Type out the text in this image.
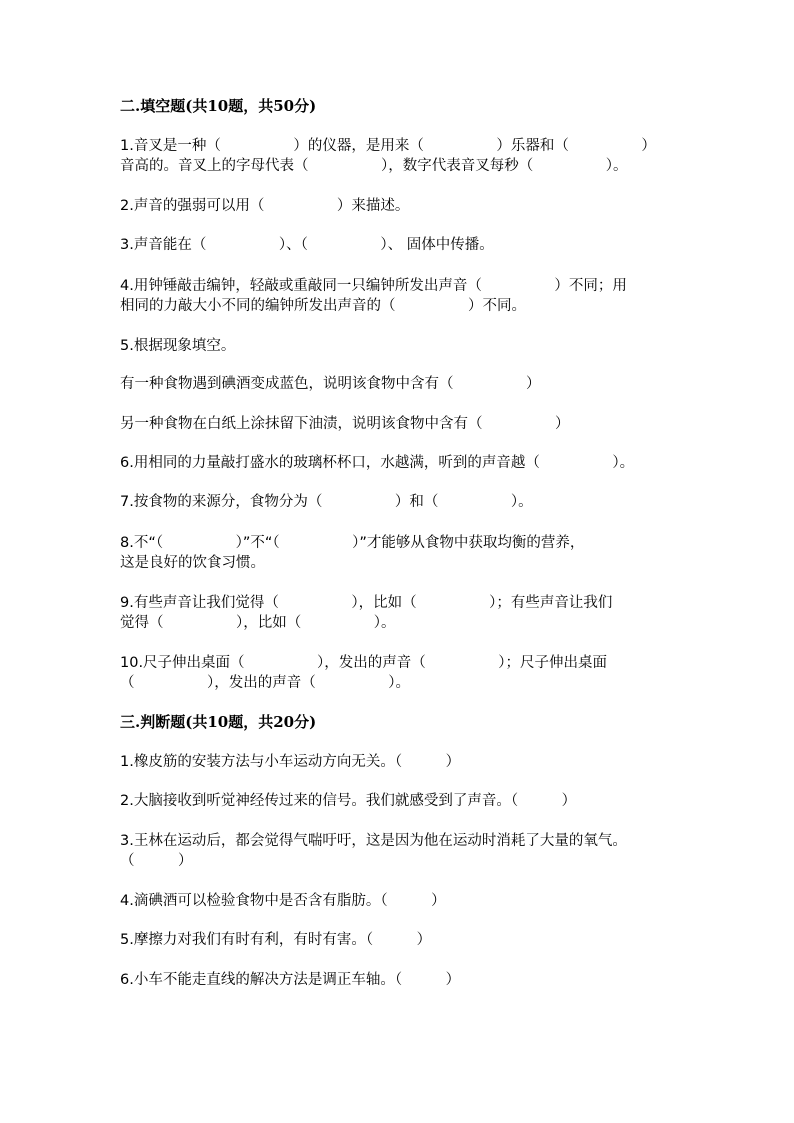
二.填空题(共10题，共50分)
1.音叉是一种（　　　　　）的仪器，是用来（　　　　　）乐器和（　　　　　）
音高的。音叉上的字母代表（　　　　　），数字代表音叉每秒（　　　　　）。
2.声音的强弱可以用（　　　　　）来描述。
3.声音能在（　　　　　）、（　　　　　）、 固体中传播。
4.用钟锤敲击编钟，轻敲或重敲同一只编钟所发出声音（　　　　　）不同；用
相同的力敲大小不同的编钟所发出声音的（　　　　　）不同。
5.根据现象填空。
有一种食物遇到碘酒变成蓝色，说明该食物中含有（　　　　　）
另一种食物在白纸上涂抹留下油渍，说明该食物中含有（　　　　　）
6.用相同的力量敲打盛水的玻璃杯杯口，水越满，听到的声音越（　　　　　）。
7.按食物的来源分，食物分为（　　　　　）和（　　　　　）。
8.不“（　　　　　）”不“（　　　　　）”才能够从食物中获取均衡的营养，
这是良好的饮食习惯。
9.有些声音让我们觉得（　　　　　），比如（　　　　　）；有些声音让我们
觉得（　　　　　），比如（　　　　　）。
10.尺子伸出桌面（　　　　　），发出的声音（　　　　　）；尺子伸出桌面
（　　　　　），发出的声音（　　　　　）。
三.判断题(共10题，共20分)
1.橡皮筋的安装方法与小车运动方向无关。（　　　）
2.大脑接收到听觉神经传过来的信号。我们就感受到了声音。（　　　）
3.王林在运动后，都会觉得气喘吁吁，这是因为他在运动时消耗了大量的氧气。
（　　　）
4.滴碘酒可以检验食物中是否含有脂肪。（　　　）
5.摩擦力对我们有时有利，有时有害。（　　　）
6.小车不能走直线的解决方法是调正车轴。（　　　）
